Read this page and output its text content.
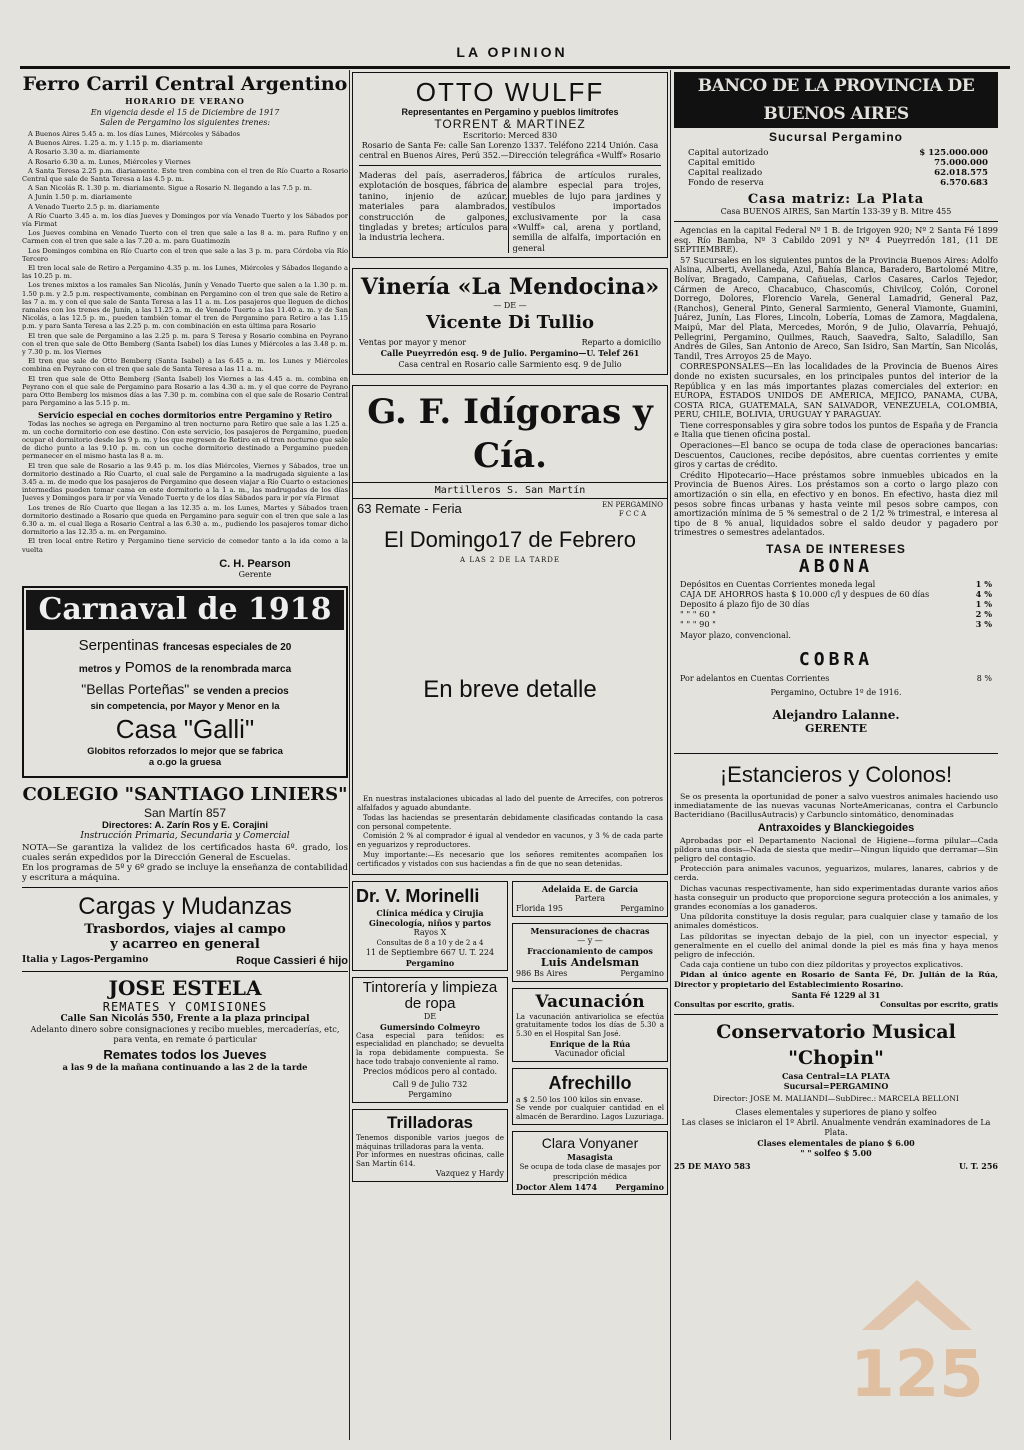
LA OPINION
Ferro Carril Central Argentino
HORARIO DE VERANO
En vigencia desde el 15 de Diciembre de 1917
Salen de Pergamino los siguientes trenes:

A Buenos Aires 5.45 a. m. los días Lunes, Miércoles y Sábados

A Buenos Aires. 1.25 a. m. y 1.15 p. m. diariamente

A Rosario 3.30 a. m. diariamente

A Rosario 6.30 a. m. Lunes, Miércoles y Viernes

A Santa Teresa 2.25 p.m. diariamente. Este tren combina con el tren de Río Cuarto a Rosario Central que sale de Santa Teresa a las 4.5 p. m.

A San Nicolás R. 1.30 p. m. diariamente. Sigue a Rosario N. llegando a las 7.5 p. m.

A Junín 1.50 p. m. diariamente

A Venado Tuerto 2.5 p. m. diariamente

A Río Cuarto 3.45 a. m. los días Jueves y Domingos por vía Venado Tuerto y los Sábados por vía Firmat

Los Jueves combina en Venado Tuerto con el tren que sale a las 8 a. m. para Rufino y en Carmen con el tren que sale a las 7.20 a. m. para Guatimozín

Los Domingos combina en Río Cuarto con el tren que sale a las 3 p. m. para Córdoba vía Río Tercero

El tren local sale de Retiro a Pergamino 4.35 p. m. los Lunes, Miércoles y Sábados llegando a las 10.25 p. m.

Los trenes mixtos a los ramales San Nicolás, Junín y Venado Tuerto que salen a la 1.30 p. m. 1.50 p.m. y 2.5 p.m. respectivamente, combinan en Pergamino con el tren que sale de Retiro a las 7 a. m. y con el que sale de Santa Teresa a las 11 a. m. Los pasajeros que lleguen de dichos ramales con los trenes de Junín, a las 11.25 a. m. de Venado Tuerto a las 11.40 a. m. y de San Nicolás, a las 12.5 p. m., pueden también tomar el tren de Pergamino para Retiro a las 1.15 p.m. y para Santa Teresa a las 2.25 p. m. con combinación en esta última para Rosario

El tren que sale de Pergamino a las 2.25 p. m. para S Teresa y Rosario combina en Peyrano con el tren que sale de Otto Bemberg (Santa Isabel) los días Lunes y Miércoles a las 3.48 p. m. y 7.30 p. m. los Viernes

El tren que sale de Otto Bemberg (Santa Isabel) a las 6.45 a. m. los Lunes y Miércoles combina en Peyrano con el tren que sale de Santa Teresa a las 11 a. m.

El tren que sale de Otto Bemberg (Santa Isabel) los Viernes a las 4.45 a. m. combina en Peyrano con el que sale de Pergamino para Rosario a las 4.30 a. m. y el que corre de Peyrano para Otto Bemberg los mismos días a las 7.30 p. m. combina con el que sale de Rosario Central para Pergamino a las 5.15 p. m.

Servicio especial en coches dormitorios entre Pergamino y Retiro

Todas las noches se agrega en Pergamino al tren nocturno para Retiro que sale a las 1.25 a. m. un coche dormitorio con ese destino. Con este servicio, los pasajeros de Pergamino, pueden ocupar el dormitorio desde las 9 p. m. y los que regresen de Retiro en el tren nocturno que sale de dicho punto a las 9.10 p. m. con un coche dormitorio destinado a Pergamino pueden permanecer en el mismo hasta las 8 a. m.

El tren que sale de Rosario a las 9.45 p. m. los días Miércoles, Viernes y Sábados, trae un dormitorio destinado a Río Cuarto, el cual sale de Pergamino a la madrugada siguiente a las 3.45 a. m. de modo que los pasajeros de Pergamino que deseen viajar a Río Cuarto o estaciones intermedias pueden tomar cama en este dormitorio a la 1 a. m., las madrugadas de los días Jueves y Domingos para ir por vía Venado Tuerto y de los días Sábados para ir por vía Firmat

Los trenes de Río Cuarto que llegan a las 12.35 a. m. los Lunes, Martes y Sábados traen dormitorio destinado a Rosario que queda en Pergamino para seguir con el tren que sale a las 6.30 a. m. el cual llega a Rosario Central a las 6.30 a. m., pudiendo los pasajeros tomar dicho dormitorio a las 12.35 a. m. en Pergamino.

El tren local entre Retiro y Pergamino tiene servicio de comedor tanto a la ida como a la vuelta

C. H. Pearson
Gerente
Carnaval de 1918
Serpentinas francesas especiales de 20
metros y Pomos de la renombrada marca
"Bellas Porteñas" se venden a precios
sin competencia, por Mayor y Menor en la
Casa "Galli"
Globitos reforzados lo mejor que se fabrica
a o.go la gruesa
COLEGIO "SANTIAGO LINIERS"
San Martín 857
Directores: A. Zarín Ros y E. Corajini
Instrucción Primaria, Secundaria y Comercial
NOTA—Se garantiza la validez de los certificados hasta 6º. grado, los cuales serán expedidos por la Dirección General de Escuelas.
En los programas de 5º y 6º grado se incluye la enseñanza de contabilidad y escritura a máquina.
Cargas y Mudanzas
Trasbordos, viajes al campo
y acarreo en general
Italia y Lagos-Pergamino	Roque Cassieri é hijo
JOSE ESTELA
REMATES Y COMISIONES
Calle San Nicolás 550, Frente a la plaza principal
Adelanto dinero sobre consignaciones y recibo muebles, mercaderías, etc, para venta, en remate ó particular
Remates todos los Jueves
a las 9 de la mañana continuando a las 2 de la tarde
OTTO WULFF
Representantes en Pergamino y pueblos limítrofes
TORRENT & MARTINEZ
Escritorio: Merced 830
Rosario de Santa Fe: calle San Lorenzo 1337. Teléfono 2214 Unión. Casa central en Buenos Aires, Perú 352.—Dirección telegráfica «Wulff» Rosario
Maderas del país, aserraderos, explotación de bosques, fábrica de tanino, injenio de azúcar, materiales para alambrados, construcción de galpones, tingladas y bretes; artículos para la industria lechera.
fábrica de artículos rurales, alambre especial para trojes, muebles de lujo para jardines y vestíbulos importados exclusivamente por la casa «Wulff» cal, arena y portland, semilla de alfalfa, importación en general
Vinería «La Mendocina»
— DE —
Vicente Di Tullio
Ventas por mayor y menor	Reparto a domicilio
Calle Pueyrredón esq. 9 de Julio. Pergamino—U. Telef 261
Casa central en Rosario calle Sarmiento esq. 9 de Julio
G. F. Idígoras y Cía.
Martilleros S. San Martín
63 Remate - Feria	EN PERGAMINO
F C C A
El Domingo17 de Febrero
A LAS 2 DE LA TARDE
En breve detalle

En nuestras instalaciones ubicadas al lado del puente de Arrecifes, con potreros alfalfados y aguado abundante.

Todas las haciendas se presentarán debidamente clasificadas contando la casa con personal competente.

Comisión 2 % al comprador é igual al vendedor en vacunos, y 3 % de cada parte en yeguarizos y reproductores.

Muy importante:—Es necesario que los señores remitentes acompañen los certificados y vistados con sus haciendas a fin de que no sean detenidas.

Dr. V. Morinelli
Clínica médica y Cirujia
Ginecología, niños y partos
Rayos X
Consultas de 8 a 10 y de 2 a 4
11 de Septiembre 667 U. T. 224
Pergamino
Tintorería y limpieza de ropa
DE
Gumersindo Colmeyro
Casa especial para teñidos: es especialidad en planchado; se devuelta la ropa debidamente compuesta. Se hace todo trabajo conveniente al ramo.
Precios módicos pero al contado.
Call 9 de Julio 732
Pergamino
Trilladoras
Tenemos disponible varios juegos de máquinas trilladoras para la venta.
Por informes en nuestras oficinas, calle San Martín 614.
Vazquez y Hardy
Adelaida E. de Garcia
Partera
Florida 195	Pergamino
Mensuraciones de chacras
— y —
Fraccionamiento de campos
Luis Andelsman
986 Bs Aires	Pergamino
Vacunación
La vacunación antivariolica se efectúa gratuitamente todos los días de 5.30 a 5.30 en el Hospital San José.
Enrique de la Rúa
Vacunador oficial
Afrechillo
a $ 2.50 los 100 kilos sin envase.
Se vende por cualquier cantidad en el almacén de Berardino. Lagos Luzuriaga.
Clara Vonyaner
Masagista
Se ocupa de toda clase de masajes por prescripción médica
Doctor Alem 1474 Pergamino
BANCO DE LA PROVINCIA DE BUENOS AIRES
Sucursal Pergamino
Capital autorizado	$ 125.000.000
Capital emitido	75.000.000
Capital realizado	62.018.575
Fondo de reserva	6.570.683
Casa matriz: La Plata
Casa BUENOS AIRES, San Martín 133-39 y B. Mitre 455

Agencias en la capital Federal Nº 1 B. de Irigoyen 920; Nº 2 Santa Fé 1899 esq. Río Bamba, Nº 3 Cabildo 2091 y Nº 4 Pueyrredón 181, (11 DE SEPTIEMBRE).

57 Sucursales en los siguientes puntos de la Provincia Buenos Aires: Adolfo Alsina, Alberti, Avellaneda, Azul, Bahía Blanca, Baradero, Bartolomé Mitre, Bolívar, Bragado, Campana, Cañuelas, Carlos Casares, Carlos Tejedor, Cármen de Areco, Chacabuco, Chascomús, Chivilcoy, Colón, Coronel Dorrego, Dolores, Florencio Varela, General Lamadrid, General Paz, (Ranchos), General Pinto, General Sarmiento, General Viamonte, Guamini, Juárez, Junín, Las Flores, Lincoln, Lobería, Lomas de Zamora, Magdalena, Maipú, Mar del Plata, Mercedes, Morón, 9 de Julio, Olavarría, Pehuajó, Pellegrini, Pergamino, Quilmes, Rauch, Saavedra, Salto, Saladillo, San Andrés de Giles, San Antonio de Areco, San Isidro, San Martín, San Nicolás, Tandil, Tres Arroyos 25 de Mayo.

CORRESPONSALES—En las localidades de la Provincia de Buenos Aires donde no existen sucursales, en los principales puntos del interior de la República y en las más importantes plazas comerciales del exterior: en EUROPA, ESTADOS UNIDOS DE AMERICA, MEJICO, PANAMA, CUBA, COSTA RICA, GUATEMALA, SAN SALVADOR, VENEZUELA, COLOMBIA, PERU, CHILE, BOLIVIA, URUGUAY Y PARAGUAY.

Tiene corresponsables y gira sobre todos los puntos de España y de Francia e Italia que tienen oficina postal.

Operaciones—El banco se ocupa de toda clase de operaciones bancarias: Descuentos, Cauciones, recibe depósitos, abre cuentas corrientes y emite giros y cartas de crédito.

Crédito Hipotecario—Hace préstamos sobre inmuebles ubicados en la Provincia de Buenos Aires. Los préstamos son a corto o largo plazo con amortización o sin ella, en efectivo y en bonos. En efectivo, hasta diez mil pesos sobre fincas urbanas y hasta veinte mil pesos sobre campos, con amortización mínima de 5 % semestral o de 2 1/2 % trimestral, e interesa al tipo de 8 % anual, liquidados sobre el saldo deudor y pagadero por trimestres o semestres adelantados.

TASA DE INTERESES
ABONA
Depósitos en Cuentas Corrientes moneda legal	1 %
CAJA DE AHORROS hasta $ 10.000 c/l y despues de 60 días	4 %
Deposito á plazo fijo de 30 días	1 %
" " " 60 "	2 %
" " " 90 "	3 %
Mayor plazo, convencional.
COBRA
Por adelantos en Cuentas Corrientes	8 %
Pergamino, Octubre 1º de 1916.
Alejandro Lalanne.
GERENTE
¡Estancieros y Colonos!

Se os presenta la oportunidad de poner a salvo vuestros animales haciendo uso inmediatamente de las nuevas vacunas NorteAmericanas, contra el Carbunclo Bacteridiano (BacillusAutracis) y Carbunclo sintomático, denominadas

Antraxoides y Blanckiegoides

Aprobadas por el Departamento Nacional de Higiene—forma pilular—Cada píldora una dosis—Nada de siesta que medir—Ningun líquido que derramar—Sin peligro del contagio.

Protección para animales vacunos, yeguarizos, mulares, lanares, cabrios y de cerda.

Dichas vacunas respectivamente, han sido experimentadas durante varios años hasta conseguir un producto que proporcione segura protección a los animales, y grandes economías a los ganaderos.

Una píldorita constituye la dosis regular, para cualquier clase y tamaño de los animales domésticos.

Las píldoritas se inyectan debajo de la piel, con un inyector especial, y generalmente en el cuello del animal donde la piel es más fina y haya menos peligro de infección.

Cada caja contiene un tubo con diez píldoritas y proyectos explicativos.

Pidan al único agente en Rosario de Santa Fé, Dr. Julián de la Rúa, Director y propietario del Establecimiento Rosarino.

Santa Fé 1229 al 31
Consultas por escrito, gratis.	Consultas por escrito, gratis
Conservatorio Musical "Chopin"
Casa Central=LA PLATA
Sucursal=PERGAMINO
Director: JOSE M. MALIANDI—SubDirec.: MARCELA BELLONI
Clases elementales y superiores de piano y solfeo
Las clases se iniciaron el 1º Abril. Anualmente vendrán examinadores de La Plata.
Clases elementales de piano $ 6.00
" " solfeo $ 5.00
25 DE MAYO 583	U. T. 256
125
